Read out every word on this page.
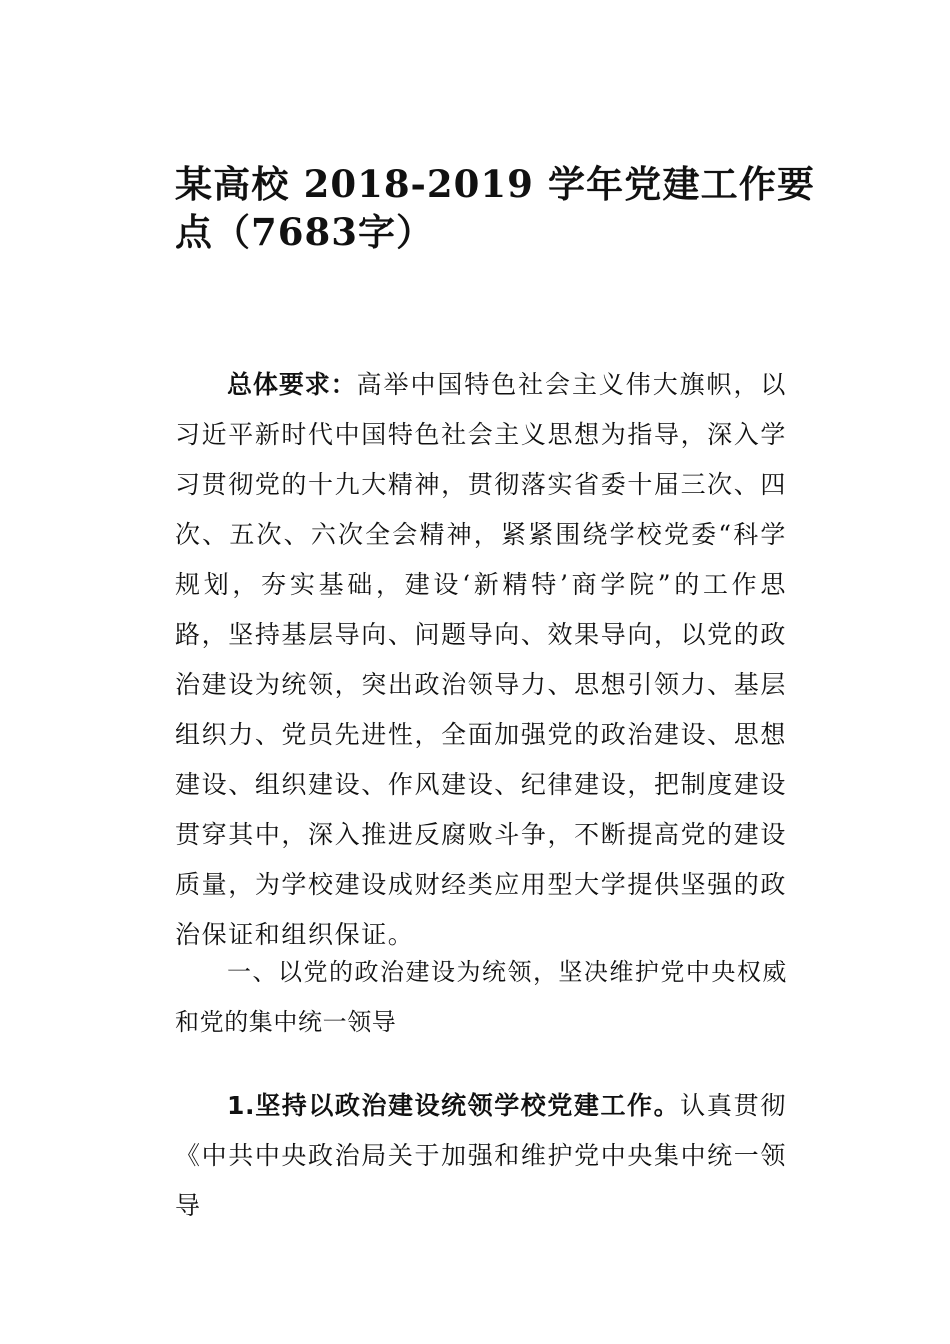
某高校 2018-2019 学年党建工作要点（7683字）

总体要求：高举中国特色社会主义伟大旗帜，以习近平新时代中国特色社会主义思想为指导，深入学习贯彻党的十九大精神，贯彻落实省委十届三次、四次、五次、六次全会精神，紧紧围绕学校党委“科学规划，夯实基础，建设‘新精特’商学院”的工作思路，坚持基层导向、问题导向、效果导向，以党的政治建设为统领，突出政治领导力、思想引领力、基层组织力、党员先进性，全面加强党的政治建设、思想建设、组织建设、作风建设、纪律建设，把制度建设贯穿其中，深入推进反腐败斗争，不断提高党的建设质量，为学校建设成财经类应用型大学提供坚强的政治保证和组织保证。

一、以党的政治建设为统领，坚决维护党中央权威和党的集中统一领导

1.坚持以政治建设统领学校党建工作。认真贯彻《中共中央政治局关于加强和维护党中央集中统一领导
